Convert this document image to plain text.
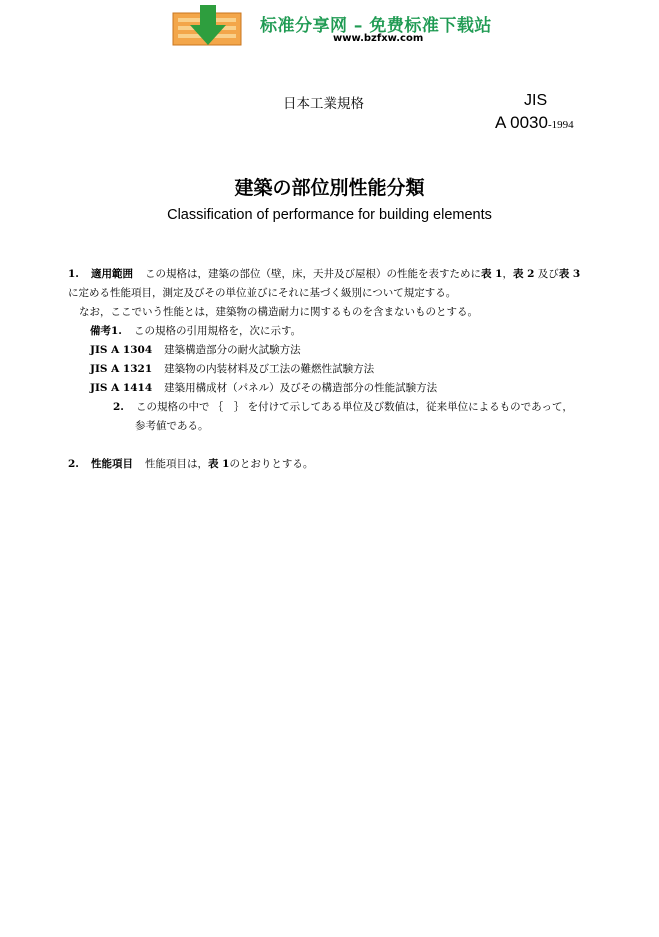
标准分享网 – 免费标准下载站
www.bzfxw.com
日本工業規格	JIS
A 0030-1994
建築の部位別性能分類
Classification of performance for building elements
1. 適用範囲 この規格は，建築の部位（壁，床，天井及び屋根）の性能を表すために表 1，表 2 及び表 3
に定める性能項目，測定及びその単位並びにそれに基づく級別について規定する。
なお，ここでいう性能とは，建築物の構造耐力に関するものを含まないものとする。
備考1. この規格の引用規格を，次に示す。
JIS A 1304 建築構造部分の耐火試験方法
JIS A 1321 建築物の内装材料及び工法の難燃性試験方法
JIS A 1414 建築用構成材（パネル）及びその構造部分の性能試験方法
2. この規格の中で ｛　｝ を付けて示してある単位及び数値は，従来単位によるものであって，
参考値である。
2. 性能項目 性能項目は，表 1のとおりとする。
